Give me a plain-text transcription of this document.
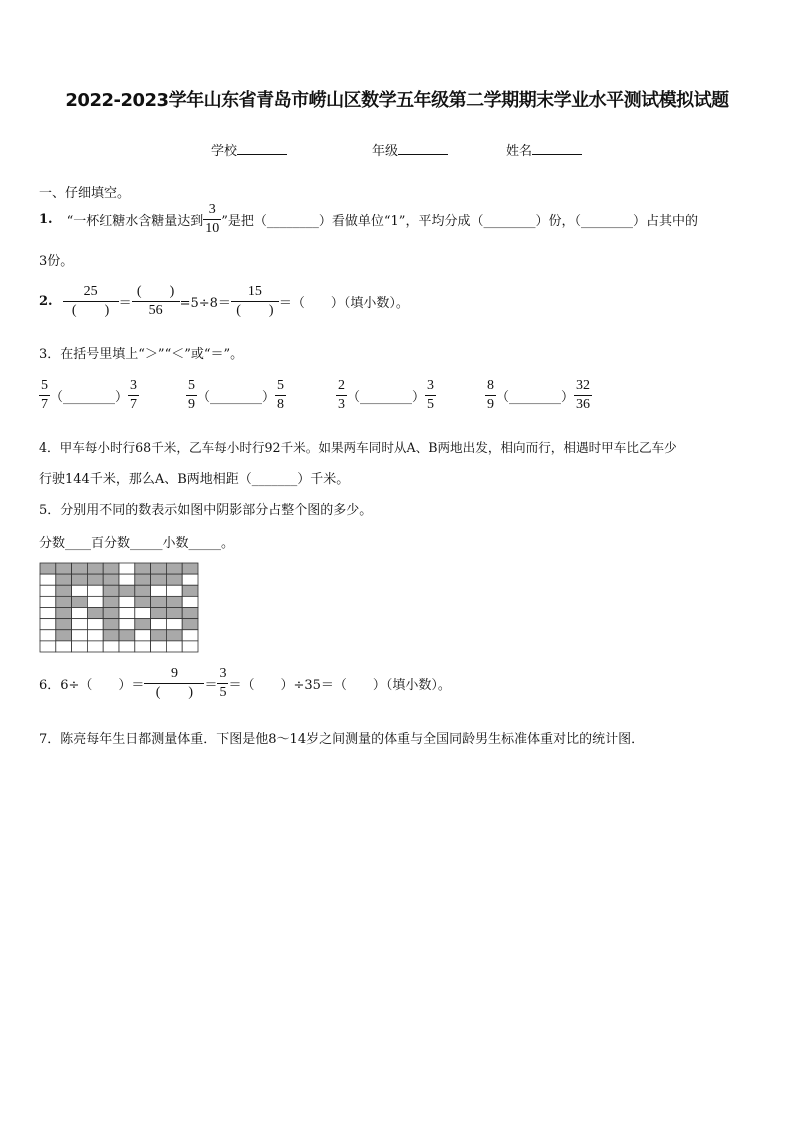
2022-2023学年山东省青岛市崂山区数学五年级第二学期期末学业水平测试模拟试题
学校	年级	姓名
一、仔细填空。
1. “一杯红糖水含糖量达到 $\frac{3}{10}$ ”是把（________）看做单位“1”，平均分成（________）份，（________）占其中的
3份。
2. $\frac{25}{( )} = \frac{( )}{56} =5\div 8= \frac{15}{( )}$ ＝（　　）（填小数）。
3．在括号里填上“＞”“＜”或“＝”。
$\frac{5}{7}$ （________） $\frac{3}{7}$	$\frac{5}{9}$ （________） $\frac{5}{8}$	$\frac{2}{3}$ （________） $\frac{3}{5}$	$\frac{8}{9}$ （________） $\frac{32}{36}$
4．甲车每小时行68千米，乙车每小时行92千米。如果两车同时从A、B两地出发，相向而行，相遇时甲车比乙车少
行驶144千米，那么A、B两地相距（_______）千米。
5．分别用不同的数表示如图中阴影部分占整个图的多少。
分数____百分数_____小数_____。
6．6÷（　　）＝ $\frac{9}{( )} = \frac{3}{5}$ ＝（　　）÷35＝（　　）（填小数）。
7．陈亮每年生日都测量体重．下图是他8～14岁之间测量的体重与全国同龄男生标准体重对比的统计图．
